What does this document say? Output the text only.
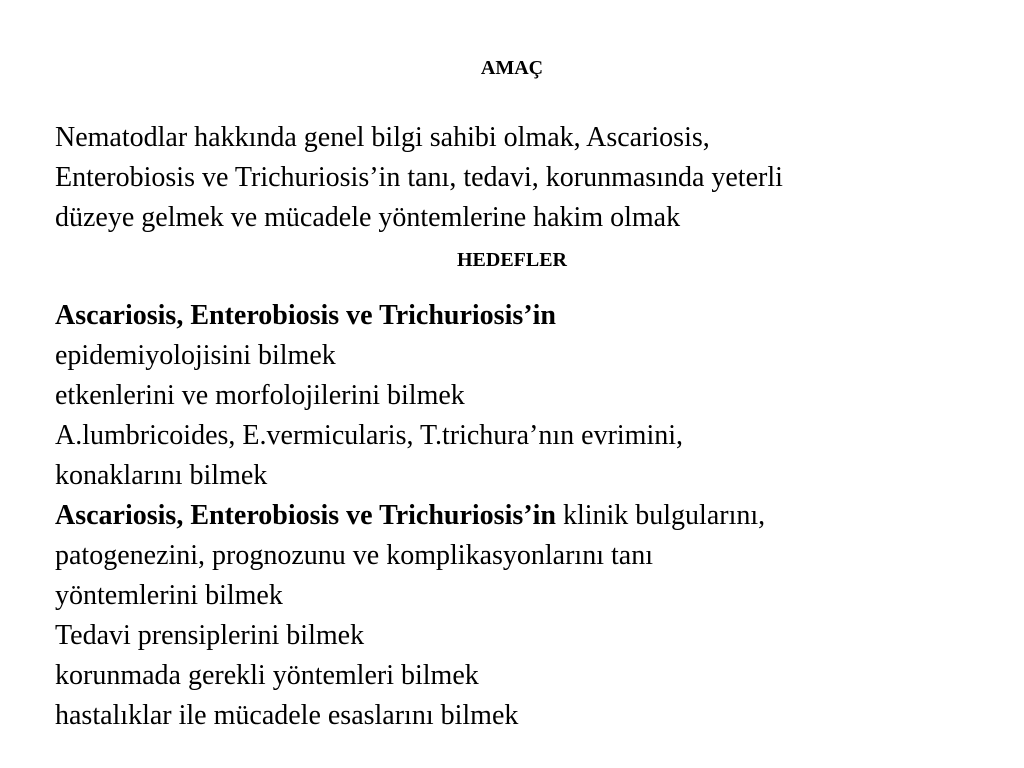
AMAÇ
Nematodlar hakkında genel bilgi sahibi olmak, Ascariosis,
Enterobiosis ve Trichuriosis’in tanı, tedavi, korunmasında yeterli
düzeye gelmek ve mücadele yöntemlerine hakim olmak
HEDEFLER
Ascariosis, Enterobiosis ve Trichuriosis’in
epidemiyolojisini bilmek
etkenlerini ve morfolojilerini bilmek
A.lumbricoides, E.vermicularis, T.trichura’nın evrimini,
konaklarını bilmek
Ascariosis, Enterobiosis ve Trichuriosis’in klinik bulgularını,
patogenezini, prognozunu ve komplikasyonlarını tanı
yöntemlerini bilmek
Tedavi prensiplerini bilmek
korunmada gerekli yöntemleri bilmek
hastalıklar ile mücadele esaslarını bilmek
